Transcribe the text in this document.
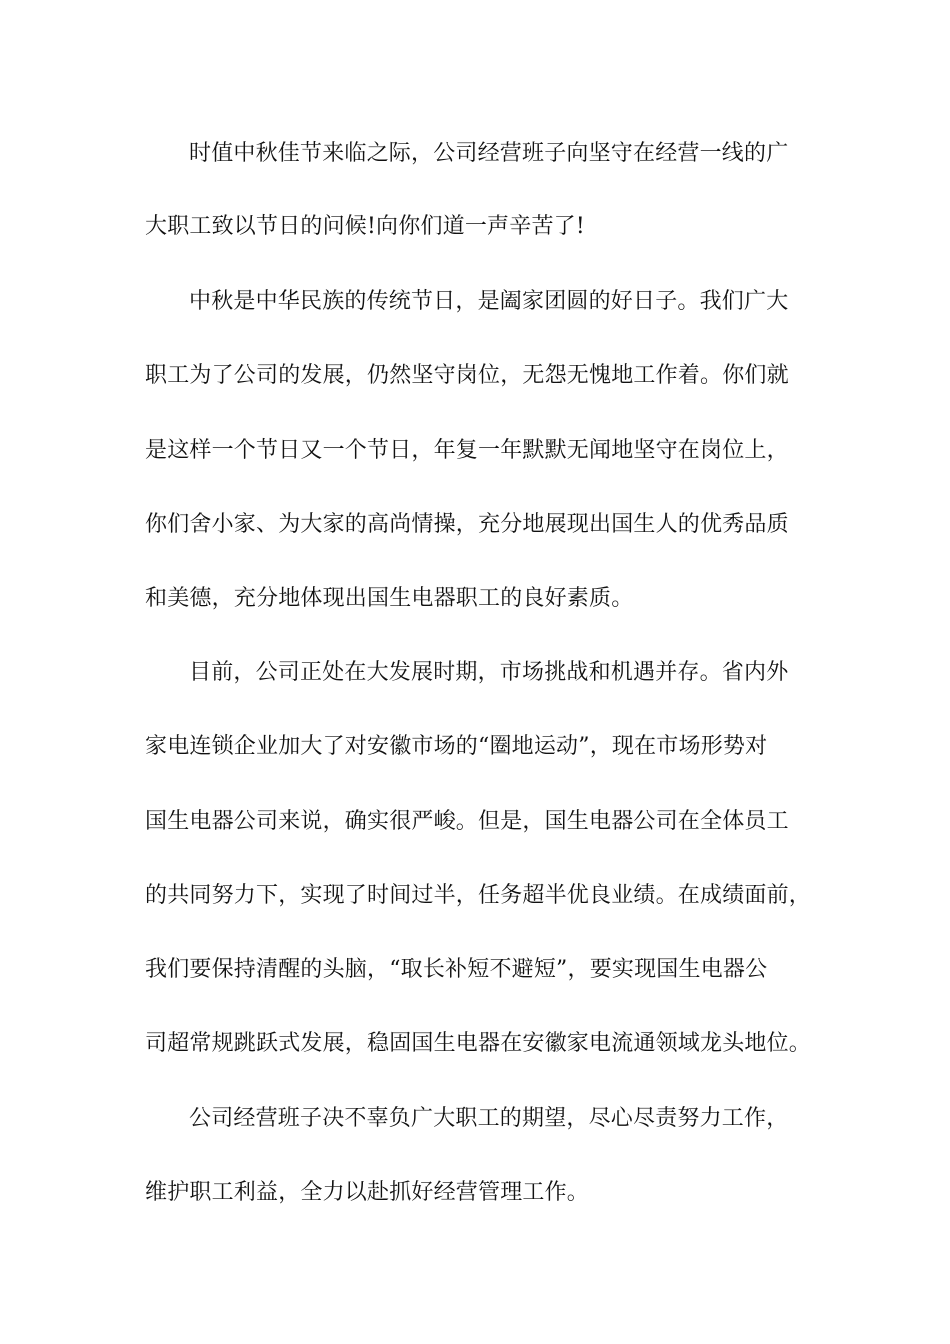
时值中秋佳节来临之际，公司经营班子向坚守在经营一线的广
大职工致以节日的问候!向你们道一声辛苦了!
中秋是中华民族的传统节日，是阖家团圆的好日子。我们广大
职工为了公司的发展，仍然坚守岗位，无怨无愧地工作着。你们就
是这样一个节日又一个节日，年复一年默默无闻地坚守在岗位上，
你们舍小家、为大家的高尚情操，充分地展现出国生人的优秀品质
和美德，充分地体现出国生电器职工的良好素质。
目前，公司正处在大发展时期，市场挑战和机遇并存。省内外
家电连锁企业加大了对安徽市场的“圈地运动”，现在市场形势对
国生电器公司来说，确实很严峻。但是，国生电器公司在全体员工
的共同努力下，实现了时间过半，任务超半优良业绩。在成绩面前，
我们要保持清醒的头脑，“取长补短不避短”，要实现国生电器公
司超常规跳跃式发展，稳固国生电器在安徽家电流通领域龙头地位。
公司经营班子决不辜负广大职工的期望，尽心尽责努力工作，
维护职工利益，全力以赴抓好经营管理工作。
